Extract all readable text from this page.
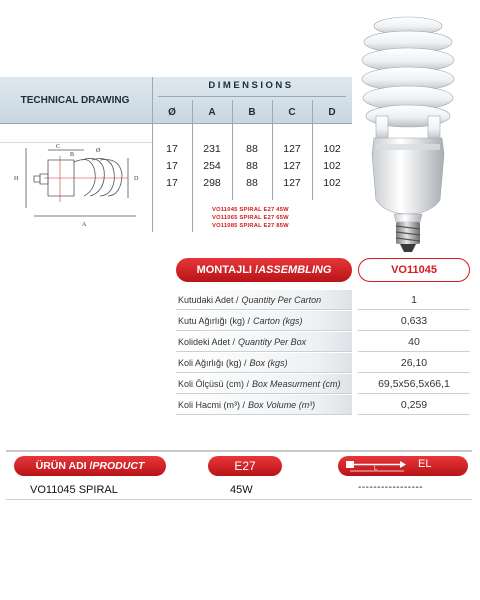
TECHNICAL DRAWING
DIMENSIONS
Ø	A	B	C	D
17	231	88	127	102
17	254	88	127	102
17	298	88	127	102
VO11045 SPIRAL E27 45W
VO11065 SPIRAL E27 65W
VO11085 SPIRAL E27 85W
C
A
B
H	D
Ø
MONTAJLI / ASSEMBLING	VO11045
Kutudaki Adet / Quantity Per Carton	1
Kutu Ağırlığı (kg) / Carton (kgs)	0,633
Kolideki Adet / Quantity Per Box	40
Koli Ağırlığı (kg) / Box (kgs)	26,10
Koli Ölçüsü (cm) / Box Measurment (cm)	69,5x56,5x66,1
Koli Hacmi (m³) / Box Volume (m³)	0,259
ÜRÜN ADI / PRODUCT	E27	L	EL
VO11045 SPIRAL	45W	-----------------
